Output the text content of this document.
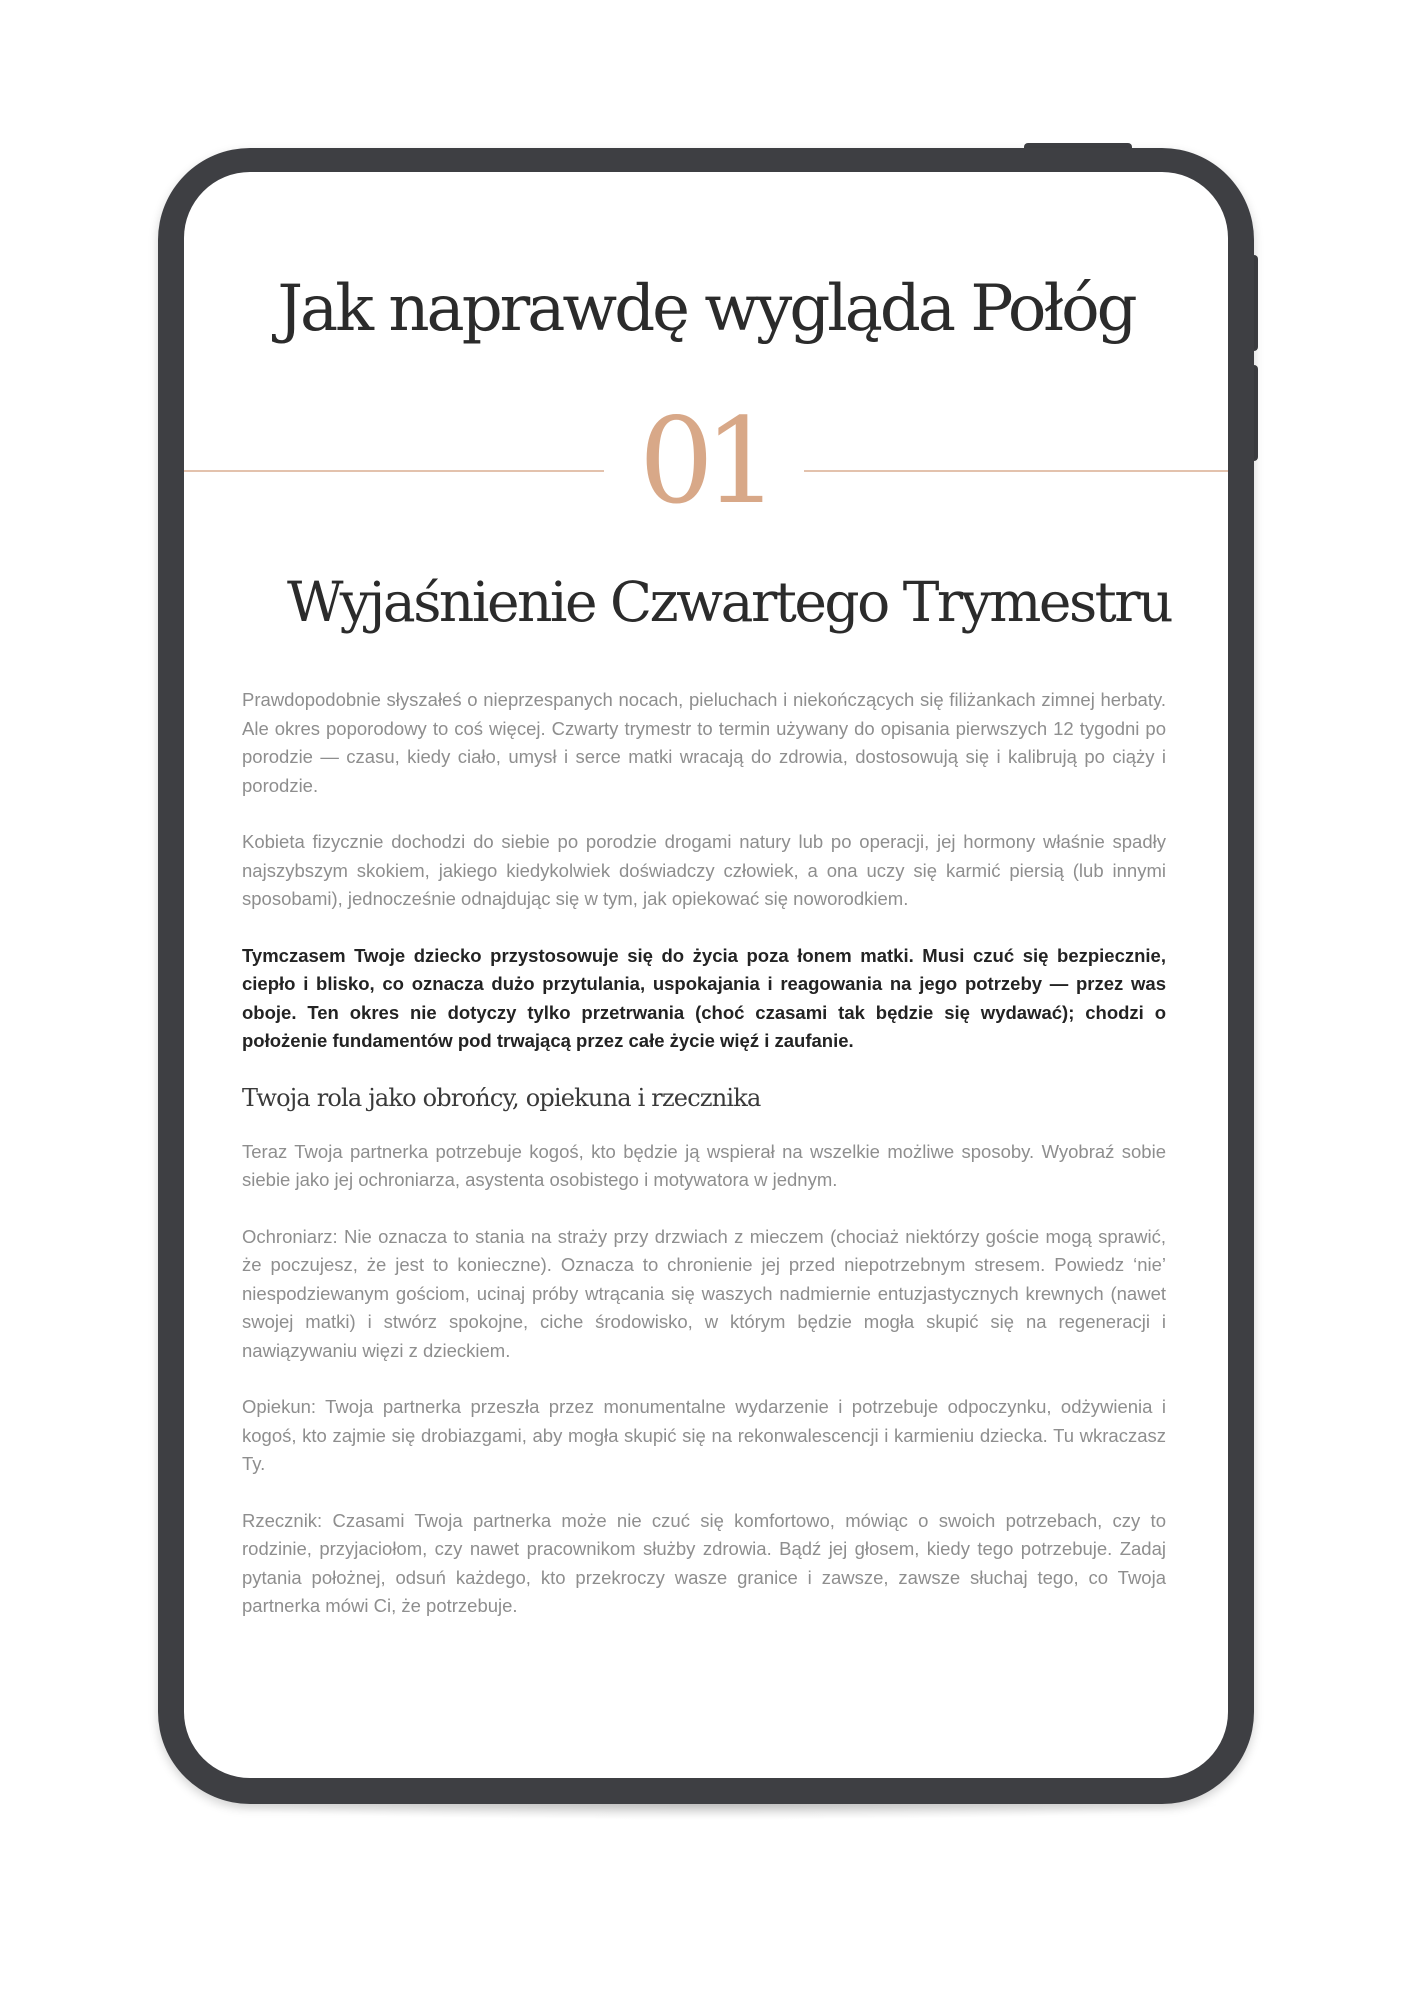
Jak naprawdę wygląda Połóg
01
Wyjaśnienie Czwartego Trymestru

Prawdopodobnie słyszałeś o nieprzespanych nocach, pieluchach i niekończących się filiżankach zimnej herbaty. Ale okres poporodowy to coś więcej. Czwarty trymestr to termin używany do opisania pierwszych 12 tygodni po porodzie — czasu, kiedy ciało, umysł i serce matki wracają do zdrowia, dostosowują się i kalibrują po ciąży i porodzie.

Kobieta fizycznie dochodzi do siebie po porodzie drogami natury lub po operacji, jej hormony właśnie spadły najszybszym skokiem, jakiego kiedykolwiek doświadczy człowiek, a ona uczy się karmić piersią (lub innymi sposobami), jednocześnie odnajdując się w tym, jak opiekować się noworodkiem.

Tymczasem Twoje dziecko przystosowuje się do życia poza łonem matki. Musi czuć się bezpiecznie, ciepło i blisko, co oznacza dużo przytulania, uspokajania i reagowania na jego potrzeby — przez was oboje. Ten okres nie dotyczy tylko przetrwania (choć czasami tak będzie się wydawać); chodzi o położenie fundamentów pod trwającą przez całe życie więź i zaufanie.

Twoja rola jako obrońcy, opiekuna i rzecznika

Teraz Twoja partnerka potrzebuje kogoś, kto będzie ją wspierał na wszelkie możliwe sposoby. Wyobraź sobie siebie jako jej ochroniarza, asystenta osobistego i motywatora w jednym.

Ochroniarz: Nie oznacza to stania na straży przy drzwiach z mieczem (chociaż niektórzy goście mogą sprawić, że poczujesz, że jest to konieczne). Oznacza to chronienie jej przed niepotrzebnym stresem. Powiedz ‘nie’ niespodziewanym gościom, ucinaj próby wtrącania się waszych nadmiernie entuzjastycznych krewnych (nawet swojej matki) i stwórz spokojne, ciche środowisko, w którym będzie mogła skupić się na regeneracji i nawiązywaniu więzi z dzieckiem.

Opiekun: Twoja partnerka przeszła przez monumentalne wydarzenie i potrzebuje odpoczynku, odżywienia i kogoś, kto zajmie się drobiazgami, aby mogła skupić się na rekonwalescencji i karmieniu dziecka. Tu wkraczasz Ty.

Rzecznik: Czasami Twoja partnerka może nie czuć się komfortowo, mówiąc o swoich potrzebach, czy to rodzinie, przyjaciołom, czy nawet pracownikom służby zdrowia. Bądź jej głosem, kiedy tego potrzebuje. Zadaj pytania położnej, odsuń każdego, kto przekroczy wasze granice i zawsze, zawsze słuchaj tego, co Twoja partnerka mówi Ci, że potrzebuje.
